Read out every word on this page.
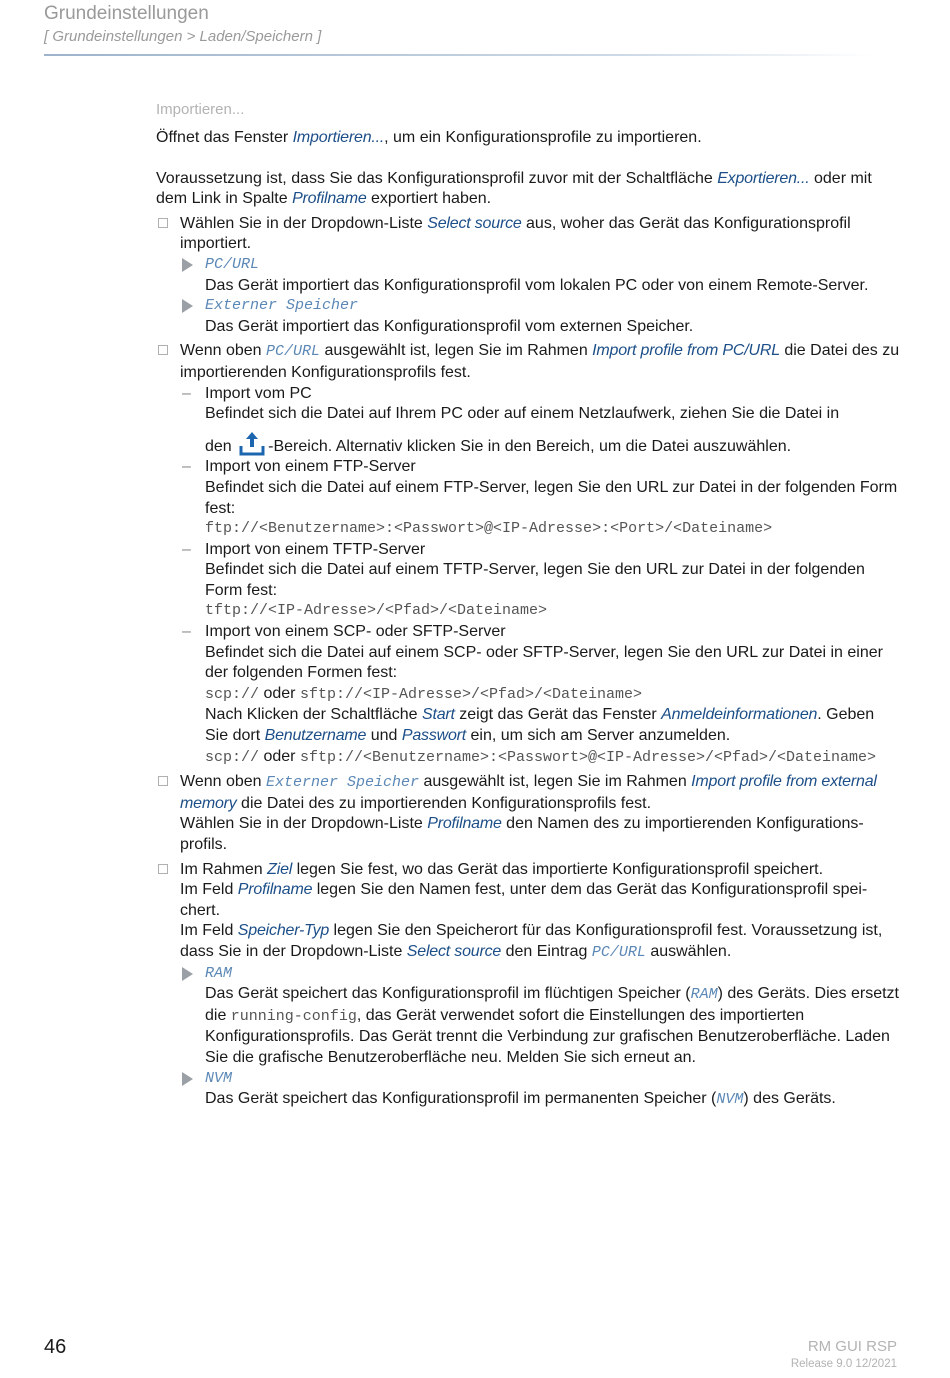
Grundeinstellungen
[ Grundeinstellungen > Laden/Speichern ]
Importieren...

Öffnet das Fenster Importieren..., um ein Konfigurationsprofile zu importieren.

Voraussetzung ist, dass Sie das Konfigurationsprofil zuvor mit der Schaltfläche Exportieren... oder mit dem Link in Spalte Profilname exportiert haben.

Wählen Sie in der Dropdown-Liste Select source aus, woher das Gerät das Konfigurationsprofil importiert.

PC/URL
Das Gerät importiert das Konfigurationsprofil vom lokalen PC oder von einem Remote-Server.
Externer Speicher
Das Gerät importiert das Konfigurationsprofil vom externen Speicher.

Wenn oben PC/URL ausgewählt ist, legen Sie im Rahmen Import profile from PC/URL die Datei des zu importierenden Konfigurationsprofils fest.

– Import vom PC
Befindet sich die Datei auf Ihrem PC oder auf einem Netzlaufwerk, ziehen Sie die Datei in
den -Bereich. Alternativ klicken Sie in den Bereich, um die Datei auszuwählen.
– Import von einem FTP-Server
Befindet sich die Datei auf einem FTP-Server, legen Sie den URL zur Datei in der folgenden Form fest:
ftp://<Benutzername>:<Passwort>@<IP-Adresse>:<Port>/<Dateiname>
– Import von einem TFTP-Server
Befindet sich die Datei auf einem TFTP-Server, legen Sie den URL zur Datei in der folgenden Form fest:
tftp://<IP-Adresse>/<Pfad>/<Dateiname>
– Import von einem SCP- oder SFTP-Server
Befindet sich die Datei auf einem SCP- oder SFTP-Server, legen Sie den URL zur Datei in einer der folgenden Formen fest:
scp:// oder sftp://<IP-Adresse>/<Pfad>/<Dateiname>
Nach Klicken der Schaltfläche Start zeigt das Gerät das Fenster Anmeldeinformationen. Geben Sie dort Benutzername und Passwort ein, um sich am Server anzumelden.
scp:// oder sftp://<Benutzername>:<Passwort>@<IP-Adresse>/<Pfad>/<Dateiname>

Wenn oben Externer Speicher ausgewählt ist, legen Sie im Rahmen Import profile from external memory die Datei des zu importierenden Konfigurationsprofils fest.

Wählen Sie in der Dropdown-Liste Profilname den Namen des zu importierenden Konfigurations-profils.

Im Rahmen Ziel legen Sie fest, wo das Gerät das importierte Konfigurationsprofil speichert.

Im Feld Profilname legen Sie den Namen fest, unter dem das Gerät das Konfigurationsprofil spei-chert.

Im Feld Speicher-Typ legen Sie den Speicherort für das Konfigurationsprofil fest. Voraussetzung ist, dass Sie in der Dropdown-Liste Select source den Eintrag PC/URL auswählen.

RAM
Das Gerät speichert das Konfigurationsprofil im flüchtigen Speicher (RAM) des Geräts. Dies ersetzt die running-config, das Gerät verwendet sofort die Einstellungen des importierten Konfigurationsprofils. Das Gerät trennt die Verbindung zur grafischen Benutzeroberfläche. Laden Sie die grafische Benutzeroberfläche neu. Melden Sie sich erneut an.
NVM
Das Gerät speichert das Konfigurationsprofil im permanenten Speicher (NVM) des Geräts.
46	RM GUI RSP
Release 9.0 12/2021
